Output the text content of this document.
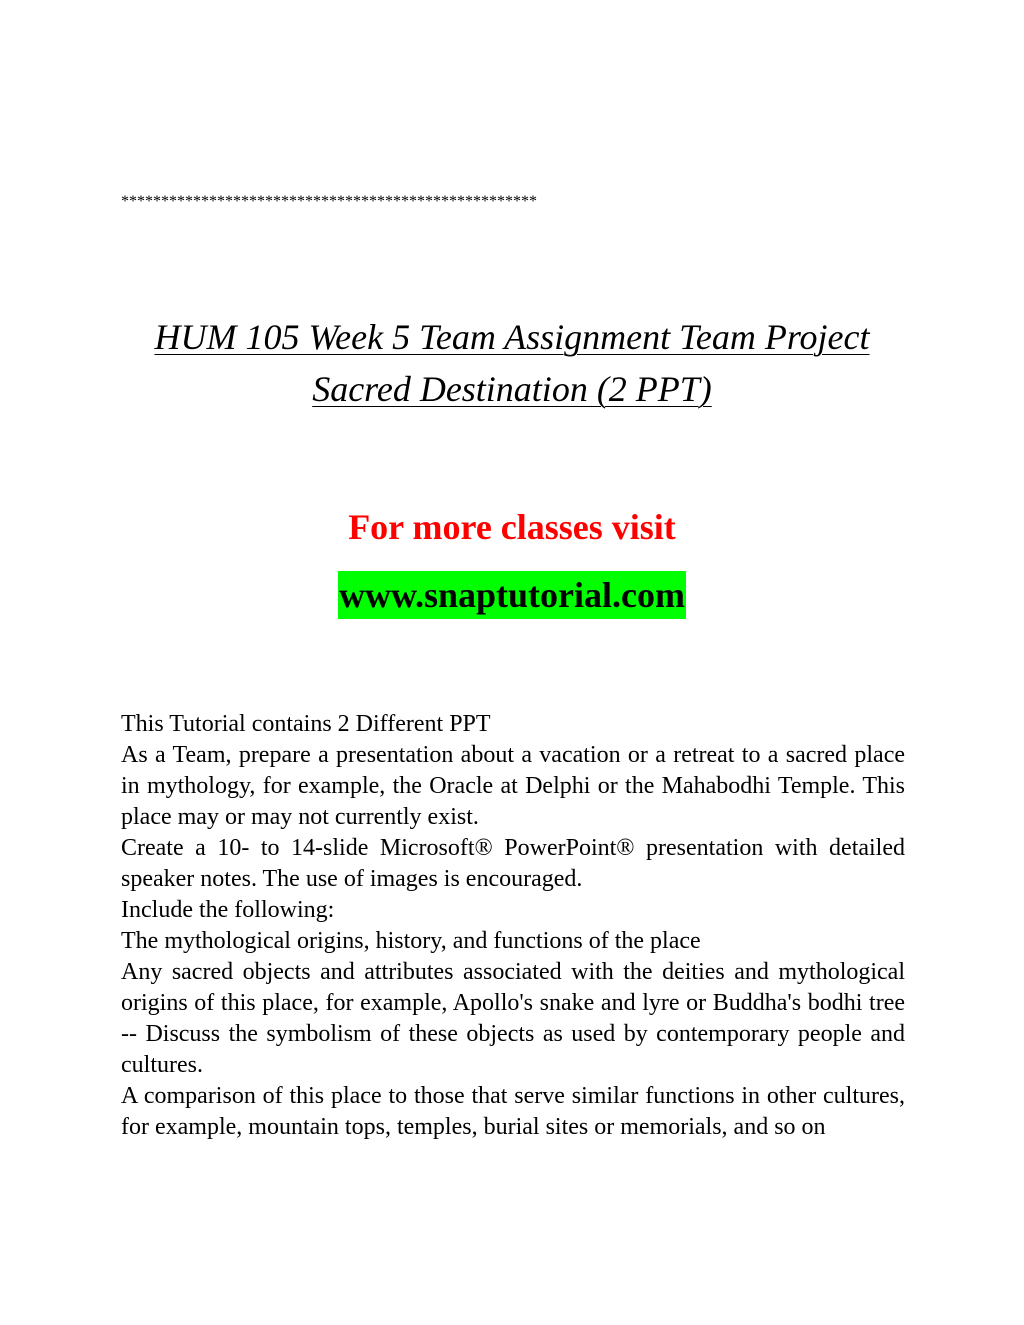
****************************************************
HUM 105 Week 5 Team Assignment Team Project Sacred Destination (2 PPT)
For more classes visit
www.snaptutorial.com

This Tutorial contains 2 Different PPT

As a Team, prepare a presentation about a vacation or a retreat to a sacred place in mythology, for example, the Oracle at Delphi or the Mahabodhi Temple. This place may or may not currently exist.

Create a 10- to 14-slide Microsoft® PowerPoint® presentation with detailed speaker notes. The use of images is encouraged.

Include the following:

The mythological origins, history, and functions of the place

Any sacred objects and attributes associated with the deities and mythological origins of this place, for example, Apollo's snake and lyre or Buddha's bodhi tree -- Discuss the symbolism of these objects as used by contemporary people and cultures.

A comparison of this place to those that serve similar functions in other cultures, for example, mountain tops, temples, burial sites or memorials, and so on
